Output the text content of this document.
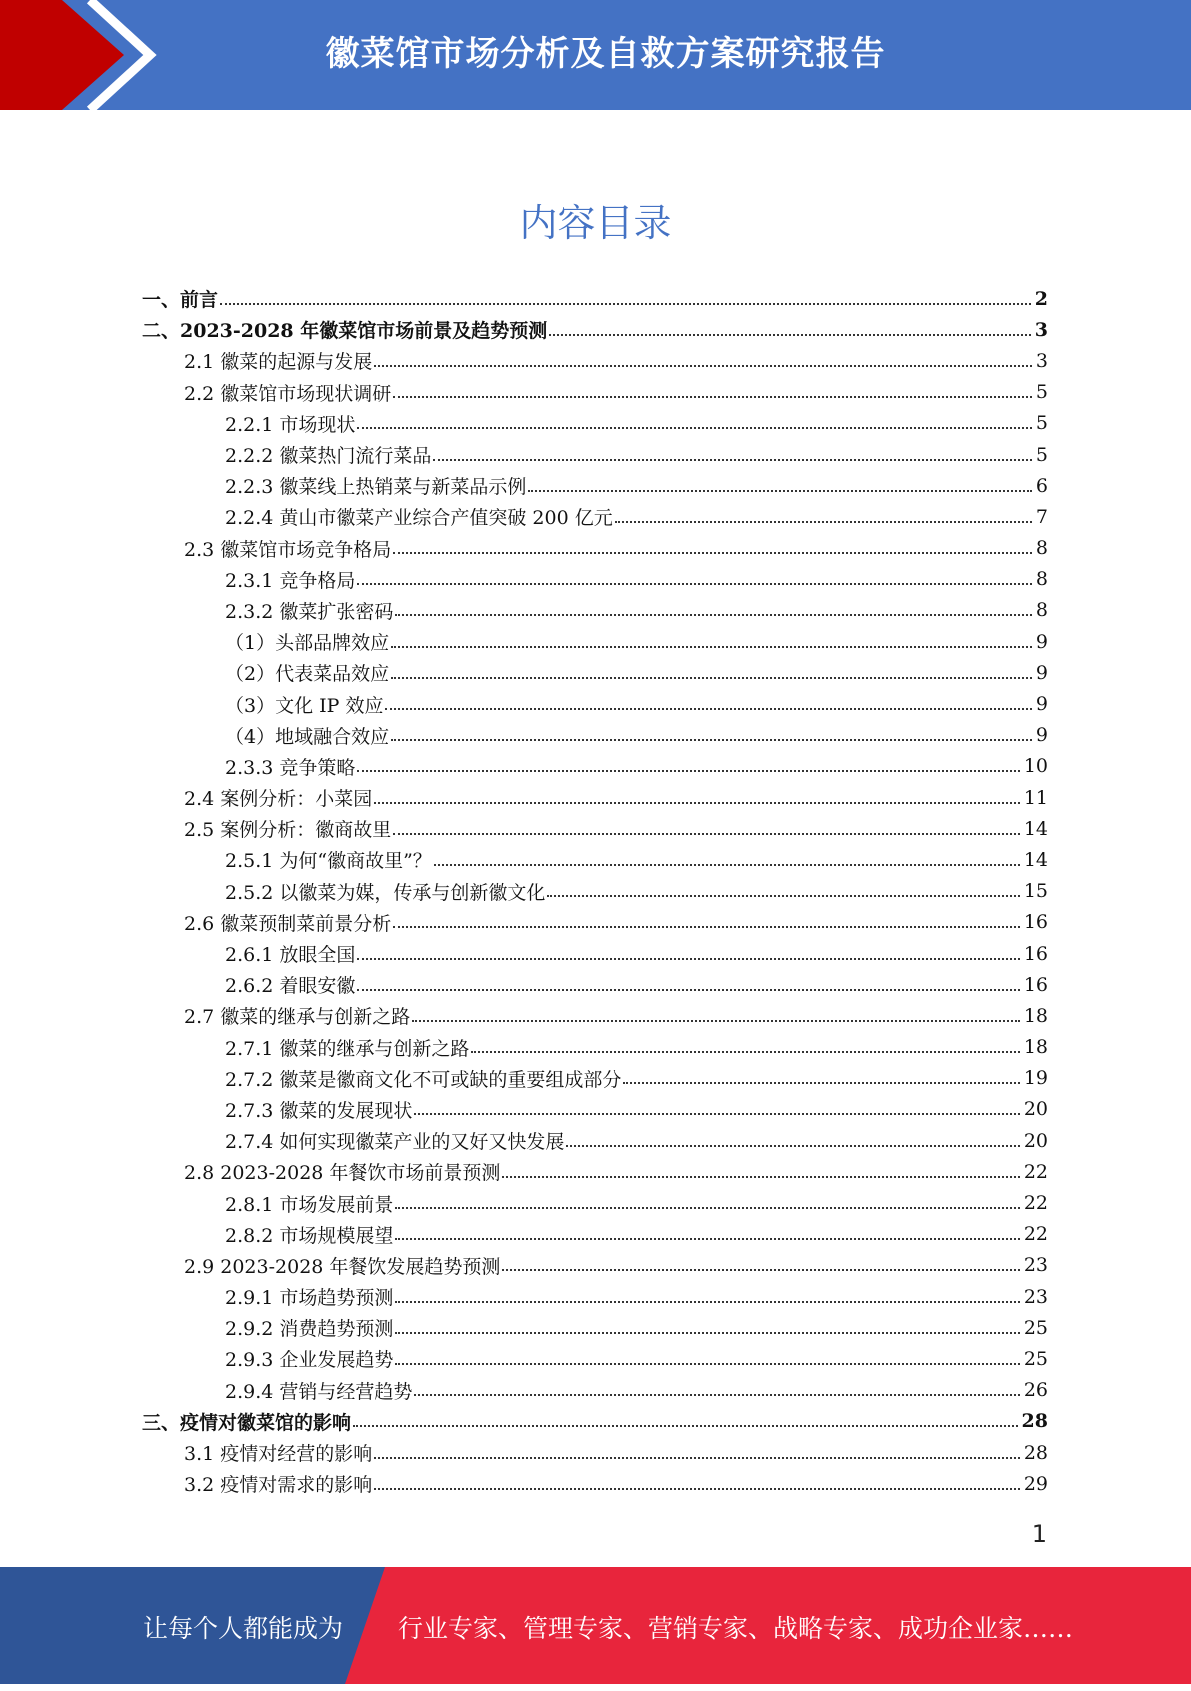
徽菜馆市场分析及自救方案研究报告
内容目录
一、前言	2
二、2023-2028 年徽菜馆市场前景及趋势预测	3
2.1 徽菜的起源与发展	3
2.2 徽菜馆市场现状调研	5
2.2.1 市场现状	5
2.2.2 徽菜热门流行菜品	5
2.2.3 徽菜线上热销菜与新菜品示例	6
2.2.4 黄山市徽菜产业综合产值突破 200 亿元	7
2.3 徽菜馆市场竞争格局	8
2.3.1 竞争格局	8
2.3.2 徽菜扩张密码	8
（1）头部品牌效应	9
（2）代表菜品效应	9
（3）文化 IP 效应	9
（4）地域融合效应	9
2.3.3 竞争策略	10
2.4 案例分析：小菜园	11
2.5 案例分析：徽商故里	14
2.5.1 为何“徽商故里”？	14
2.5.2 以徽菜为媒，传承与创新徽文化	15
2.6 徽菜预制菜前景分析	16
2.6.1 放眼全国	16
2.6.2 着眼安徽	16
2.7 徽菜的继承与创新之路	18
2.7.1 徽菜的继承与创新之路	18
2.7.2 徽菜是徽商文化不可或缺的重要组成部分	19
2.7.3 徽菜的发展现状	20
2.7.4 如何实现徽菜产业的又好又快发展	20
2.8 2023-2028 年餐饮市场前景预测	22
2.8.1 市场发展前景	22
2.8.2 市场规模展望	22
2.9 2023-2028 年餐饮发展趋势预测	23
2.9.1 市场趋势预测	23
2.9.2 消费趋势预测	25
2.9.3 企业发展趋势	25
2.9.4 营销与经营趋势	26
三、疫情对徽菜馆的影响	28
3.1 疫情对经营的影响	28
3.2 疫情对需求的影响	29
1
让每个人都能成为 行业专家、管理专家、营销专家、战略专家、成功企业家……
